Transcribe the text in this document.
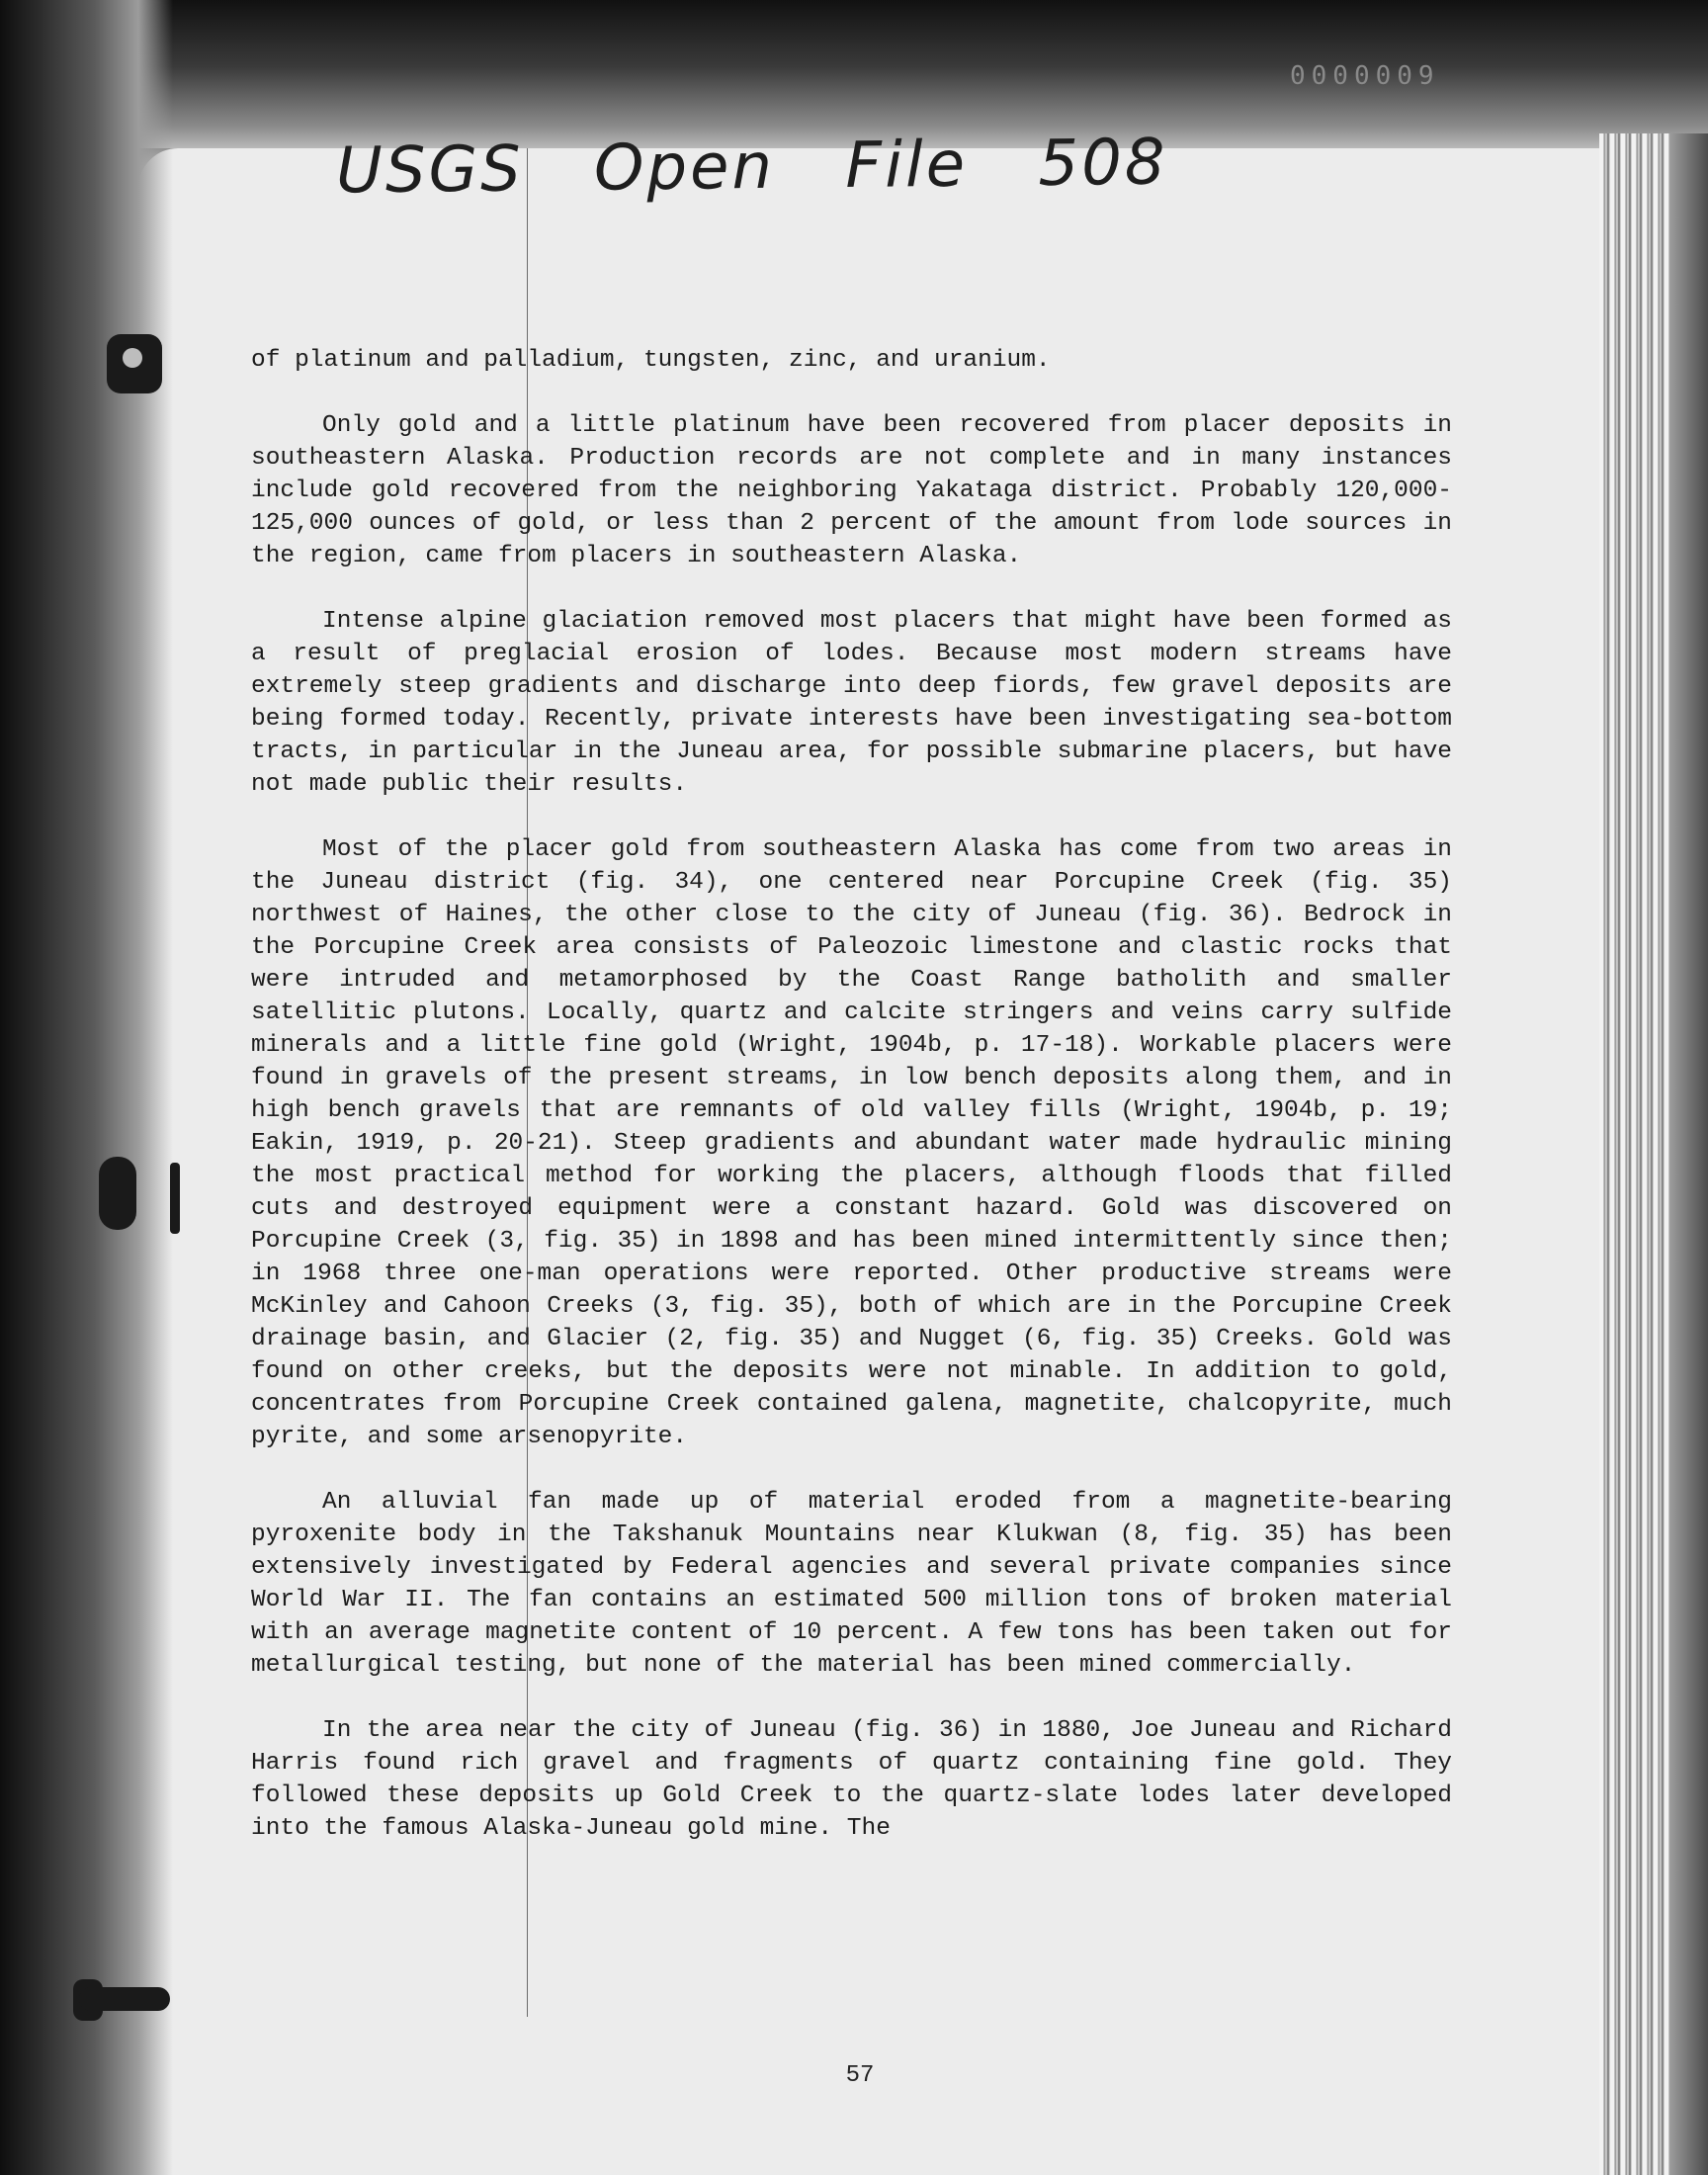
0000009
USGS Open File 508

of platinum and palladium, tungsten, zinc, and uranium.

Only gold and a little platinum have been recovered from placer deposits in southeastern Alaska. Production records are not complete and in many instances include gold recovered from the neighboring Yakataga district. Probably 120,000-125,000 ounces of gold, or less than 2 percent of the amount from lode sources in the region, came from placers in southeastern Alaska.

Intense alpine glaciation removed most placers that might have been formed as a result of preglacial erosion of lodes. Because most modern streams have extremely steep gradients and discharge into deep fiords, few gravel deposits are being formed today. Recently, private interests have been investigating sea-bottom tracts, in particular in the Juneau area, for possible submarine placers, but have not made public their results.

Most of the placer gold from southeastern Alaska has come from two areas in the Juneau district (fig. 34), one centered near Porcupine Creek (fig. 35) northwest of Haines, the other close to the city of Juneau (fig. 36). Bedrock in the Porcupine Creek area consists of Paleozoic limestone and clastic rocks that were intruded and metamorphosed by the Coast Range batholith and smaller satellitic plutons. Locally, quartz and calcite stringers and veins carry sulfide minerals and a little fine gold (Wright, 1904b, p. 17-18). Workable placers were found in gravels of the present streams, in low bench deposits along them, and in high bench gravels that are remnants of old valley fills (Wright, 1904b, p. 19; Eakin, 1919, p. 20-21). Steep gradients and abundant water made hydraulic mining the most practical method for working the placers, although floods that filled cuts and destroyed equipment were a constant hazard. Gold was discovered on Porcupine Creek (3, fig. 35) in 1898 and has been mined intermittently since then; in 1968 three one-man operations were reported. Other productive streams were McKinley and Cahoon Creeks (3, fig. 35), both of which are in the Porcupine Creek drainage basin, and Glacier (2, fig. 35) and Nugget (6, fig. 35) Creeks. Gold was found on other creeks, but the deposits were not minable. In addition to gold, concentrates from Porcupine Creek contained galena, magnetite, chalcopyrite, much pyrite, and some arsenopyrite.

An alluvial fan made up of material eroded from a magnetite-bearing pyroxenite body in the Takshanuk Mountains near Klukwan (8, fig. 35) has been extensively investigated by Federal agencies and several private companies since World War II. The fan contains an estimated 500 million tons of broken material with an average magnetite content of 10 percent. A few tons has been taken out for metallurgical testing, but none of the material has been mined commercially.

In the area near the city of Juneau (fig. 36) in 1880, Joe Juneau and Richard Harris found rich gravel and fragments of quartz containing fine gold. They followed these deposits up Gold Creek to the quartz-slate lodes later developed into the famous Alaska-Juneau gold mine. The

57
